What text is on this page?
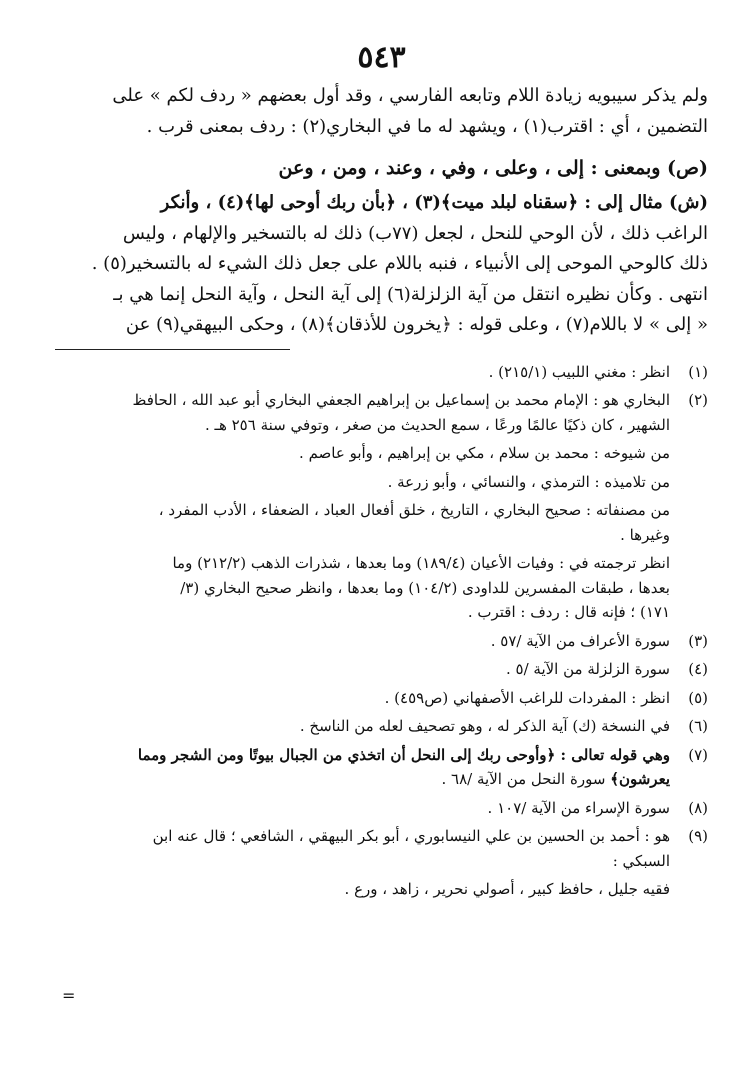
٥٤٣

ولم يذكر سيبويه زيادة اللام وتابعه الفارسي ، وقد أول بعضهم « ردف لكم » على

التضمين ، أي : اقترب(١) ، ويشهد له ما في البخاري(٢) : ردف بمعنى قرب .

(ص) وبمعنى : إلى ، وعلى ، وفي ، وعند ، ومن ، وعن

(ش) مثال إلى : ﴿سقناه لبلد ميت﴾(٣) ، ﴿بأن ربك أوحى لها﴾(٤) ، وأنكر

الراغب ذلك ، لأن الوحي للنحل ، لجعل (٧٧ب) ذلك له بالتسخير والإلهام ، وليس

ذلك كالوحي الموحى إلى الأنبياء ، فنبه باللام على جعل ذلك الشيء له بالتسخير(٥) .

انتهى . وكأن نظيره انتقل من آية الزلزلة(٦) إلى آية النحل ، وآية النحل إنما هي بـ

« إلى » لا باللام(٧) ، وعلى قوله : ﴿يخرون للأذقان﴾(٨) ، وحكى البيهقي(٩) عن

(١)
انظر : مغني اللبيب (٢١٥/١) .
(٢)
البخاري هو : الإمام محمد بن إسماعيل بن إبراهيم الجعفي البخاري أبو عبد الله ، الحافظ
الشهير ، كان ذكيًا عالمًا ورعًا ، سمع الحديث من صغر ، وتوفي سنة ٢٥٦ هـ .
من شيوخه : محمد بن سلام ، مكي بن إبراهيم ، وأبو عاصم .
من تلاميذه : الترمذي ، والنسائي ، وأبو زرعة .
من مصنفاته : صحيح البخاري ، التاريخ ، خلق أفعال العباد ، الضعفاء ، الأدب المفرد ،
وغيرها .
انظر ترجمته في : وفيات الأعيان (١٨٩/٤) وما بعدها ، شذرات الذهب (٢١٢/٢) وما
بعدها ، طبقات المفسرين للداودى (١٠٤/٢) وما بعدها ، وانظر صحيح البخاري (٣/
١٧١) ؛ فإنه قال : ردف : اقترب .
(٣)
سورة الأعراف من الآية /٥٧ .
(٤)
سورة الزلزلة من الآية /٥ .
(٥)
انظر : المفردات للراغب الأصفهاني (ص٤٥٩) .
(٦)
في النسخة (ك) آية الذكر له ، وهو تصحيف لعله من الناسخ .
(٧)
وهي قوله تعالى : ﴿وأوحى ربك إلى النحل أن اتخذي من الجبال بيوتًا ومن الشجر ومما
يعرشون﴾ سورة النحل من الآية /٦٨ .
(٨)
سورة الإسراء من الآية /١٠٧ .
(٩)
هو : أحمد بن الحسين بن علي النيسابوري ، أبو بكر البيهقي ، الشافعي ؛ قال عنه ابن
السبكي :
فقيه جليل ، حافظ كبير ، أصولي نحرير ، زاهد ، ورع .
=
